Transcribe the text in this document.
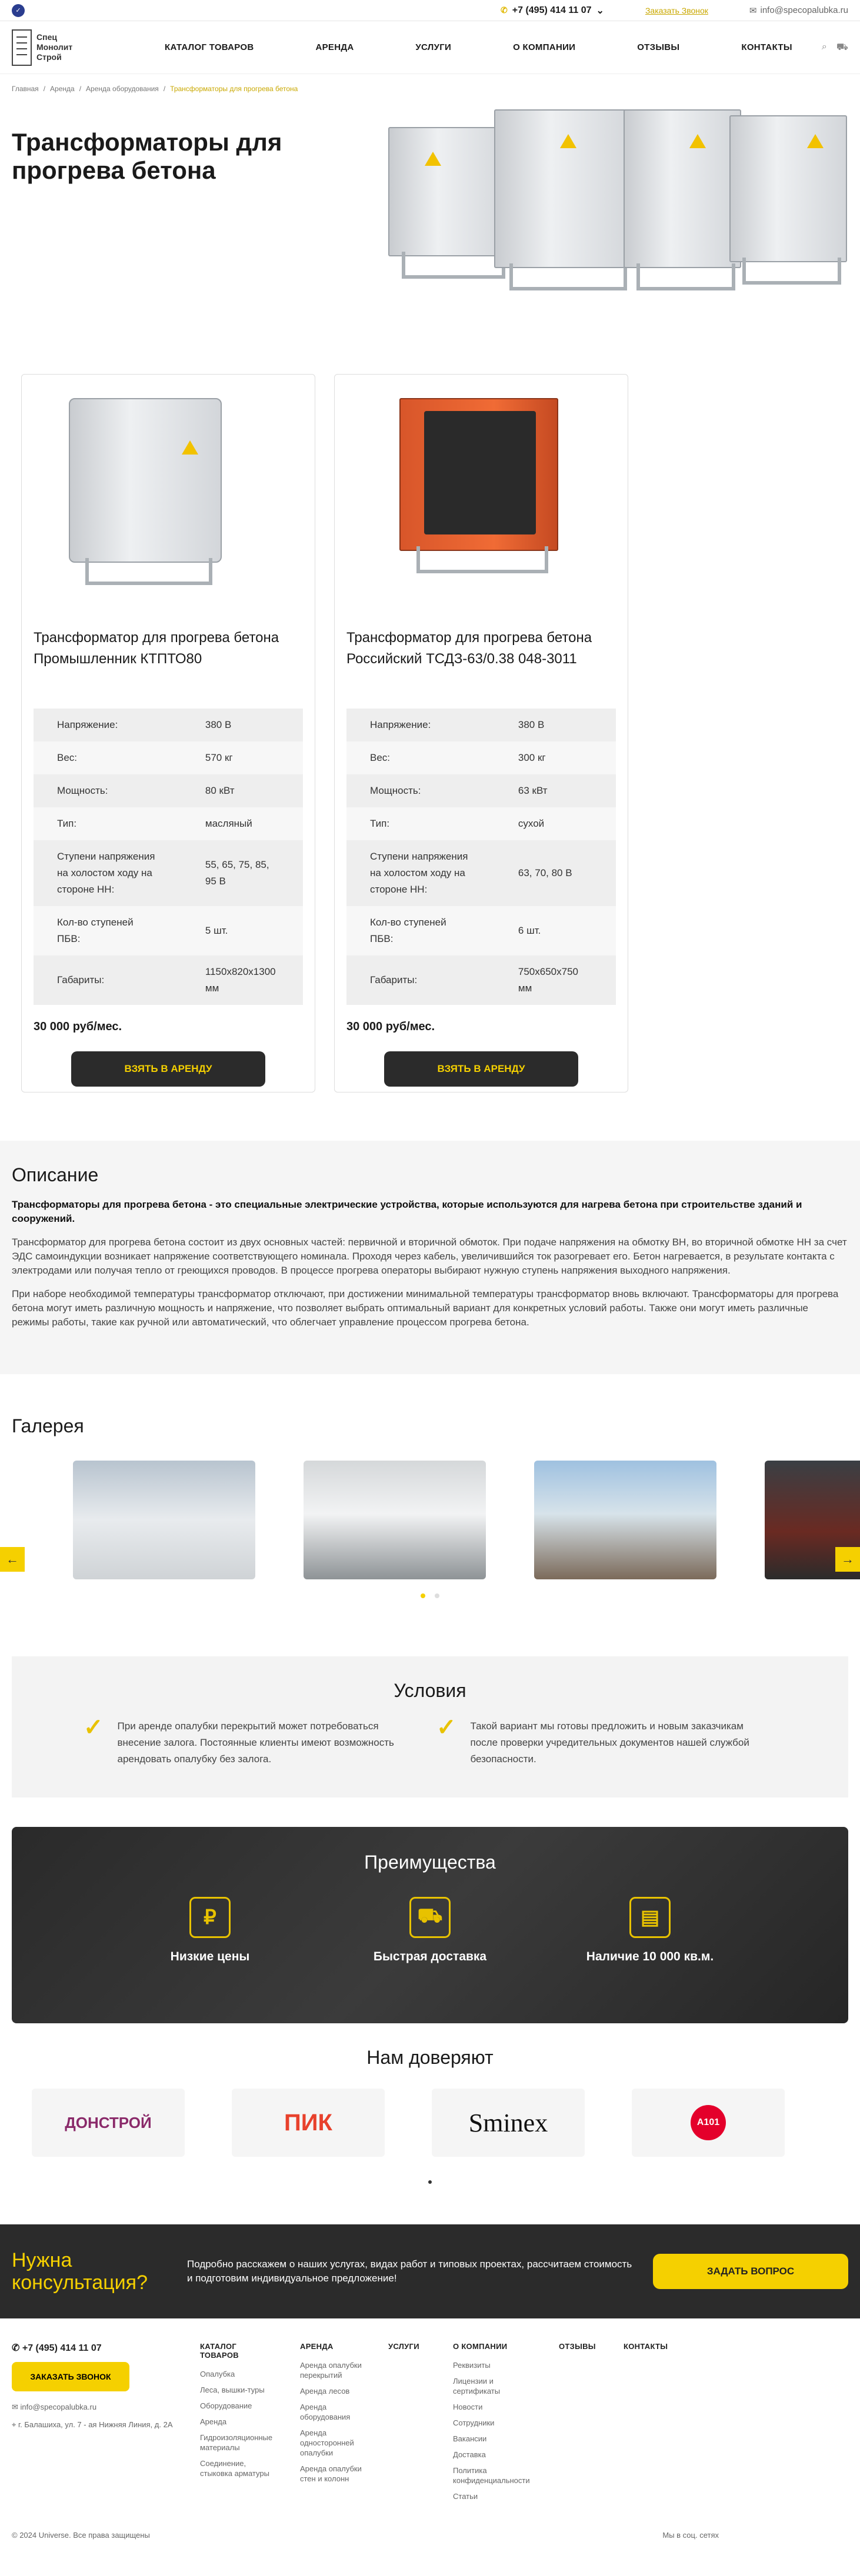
✓	✆ +7 (495) 414 11 07 ⌄	Заказать Звонок	✉ info@specopalubka.ru
Спец
Монолит
Строй
КАТАЛОГ ТОВАРОВ	АРЕНДА	УСЛУГИ	О КОМПАНИИ	ОТЗЫВЫ	КОНТАКТЫ	⌕ ⛟
Главная / Аренда / Аренда оборудования / Трансформаторы для прогрева бетона
Трансформаторы для прогрева бетона
Трансформатор для прогрева бетона Промышленник КТПТО80
Напряжение:	380 В
Вес:	570 кг
Мощность:	80 кВт
Тип:	масляный
Ступени напряжения на холостом ходу на стороне НН:	55, 65, 75, 85, 95 В
Кол-во ступеней ПБВ:	5 шт.
Габариты:	1150x820x1300 мм
30 000 руб/мес.
ВЗЯТЬ В АРЕНДУ
Трансформатор для прогрева бетона Российский ТСДЗ-63/0.38 048-3011
Напряжение:	380 В
Вес:	300 кг
Мощность:	63 кВт
Тип:	сухой
Ступени напряжения на холостом ходу на стороне НН:	63, 70, 80 В
Кол-во ступеней ПБВ:	6 шт.
Габариты:	750x650x750 мм
30 000 руб/мес.
ВЗЯТЬ В АРЕНДУ
Описание

Трансформаторы для прогрева бетона - это специальные электрические устройства, которые используются для нагрева бетона при строительстве зданий и сооружений.

Трансформатор для прогрева бетона состоит из двух основных частей: первичной и вторичной обмоток. При подаче напряжения на обмотку ВН, во вторичной обмотке НН за счет ЭДС самоиндукции возникает напряжение соответствующего номинала. Проходя через кабель, увеличившийся ток разогревает его. Бетон нагревается, в результате контакта с электродами или получая тепло от греющихся проводов. В процессе прогрева операторы выбирают нужную ступень напряжения выходного напряжения.

При наборе необходимой температуры трансформатор отключают, при достижении минимальной температуры трансформатор вновь включают. Трансформаторы для прогрева бетона могут иметь различную мощность и напряжение, что позволяет выбрать оптимальный вариант для конкретных условий работы. Также они могут иметь различные режимы работы, такие как ручной или автоматический, что облегчает управление процессом прогрева бетона.

Галерея
←	→
Условия
✓ При аренде опалубки перекрытий может потребоваться внесение залога. Постоянные клиенты имеют возможность арендовать опалубку без залога.
✓ Такой вариант мы готовы предложить и новым заказчикам после проверки учредительных документов нашей службой безопасности.
Преимущества
₽
Низкие цены
⛟
Быстрая доставка
▤
Наличие 10 000 кв.м.
Нам доверяют
ДОНСТРОЙ	ПИК	Sminex	А101
Нужна консультация?

Подробно расскажем о наших услугах, видах работ и типовых проектах, рассчитаем стоимость и подготовим индивидуальное предложение!

ЗАДАТЬ ВОПРОС
✆ +7 (495) 414 11 07
ЗАКАЗАТЬ ЗВОНОК
✉ info@specopalubka.ru
⌖ г. Балашиха, ул. 7 - ая Нижняя Линия, д. 2А
КАТАЛОГ ТОВАРОВ
Опалубка
Леса, вышки-туры
Оборудование
Аренда
Гидроизоляционные материалы
Соединение, стыковка арматуры
АРЕНДА
Аренда опалубки перекрытий
Аренда лесов
Аренда оборудования
Аренда односторонней опалубки
Аренда опалубки стен и колонн
УСЛУГИ	О КОМПАНИИ
Реквизиты
Лицензии и сертификаты
Новости
Сотрудники
Вакансии
Доставка
Политика конфиденциальности
Статьи
ОТЗЫВЫ	КОНТАКТЫ
© 2024 Universe. Все права защищены	Мы в соц. сетях
